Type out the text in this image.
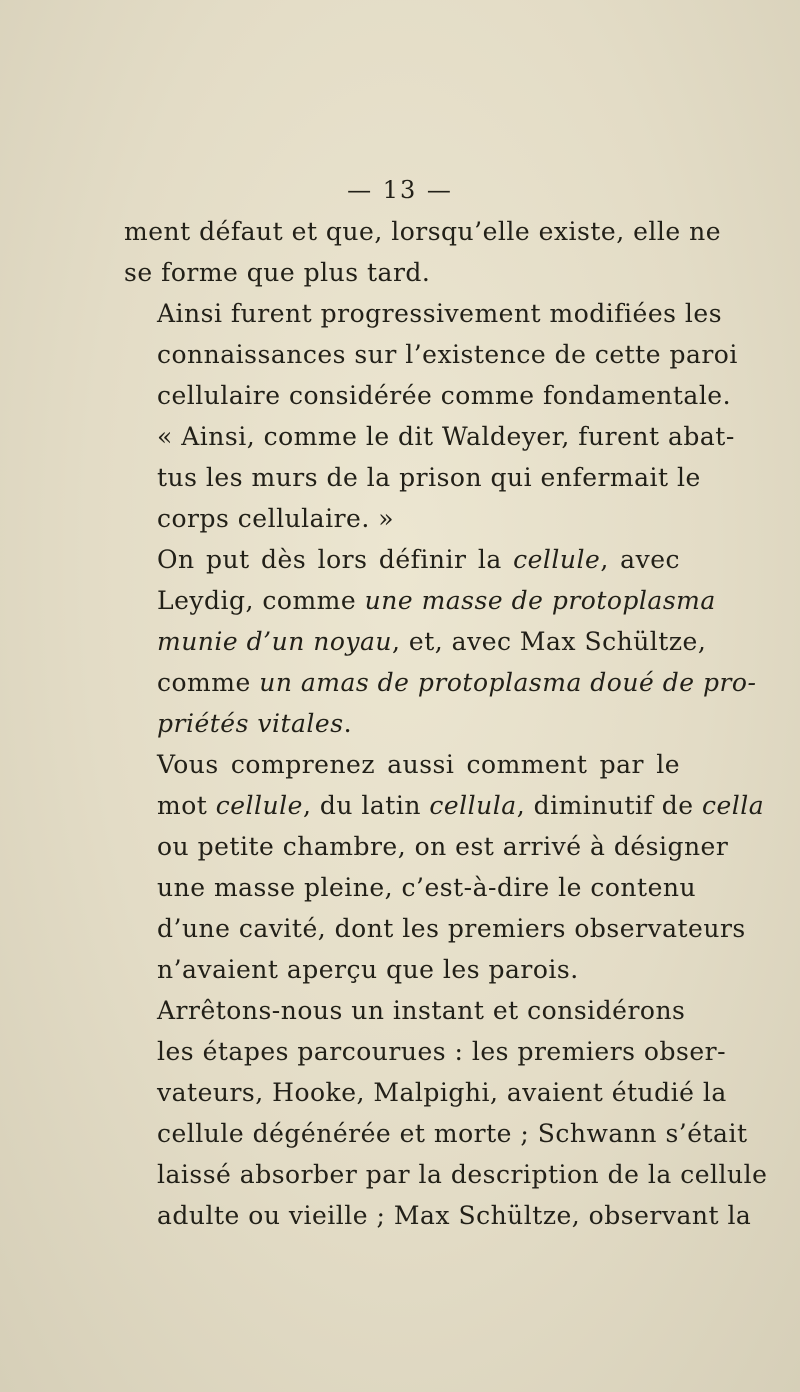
— 13 —

ment défaut et que, lorsqu’elle existe, elle ne
se forme que plus tard.

Ainsi furent progressivement modifiées les
connaissances sur l’existence de cette paroi
cellulaire considérée comme fondamentale.
« Ainsi, comme le dit Waldeyer, furent abat-
tus les murs de la prison qui enfermait le
corps cellulaire. »

On put dès lors définir la cellule, avec
Leydig, comme une masse de protoplasma
munie d’un noyau, et, avec Max Schültze,
comme un amas de protoplasma doué de pro-
priétés vitales.

Vous comprenez aussi comment par le
mot cellule, du latin cellula, diminutif de cella
ou petite chambre, on est arrivé à désigner
une masse pleine, c’est-à-dire le contenu
d’une cavité, dont les premiers observateurs
n’avaient aperçu que les parois.

Arrêtons-nous un instant et considérons
les étapes parcourues : les premiers obser-
vateurs, Hooke, Malpighi, avaient étudié la
cellule dégénérée et morte ; Schwann s’était
laissé absorber par la description de la cellule
adulte ou vieille ; Max Schültze, observant la
